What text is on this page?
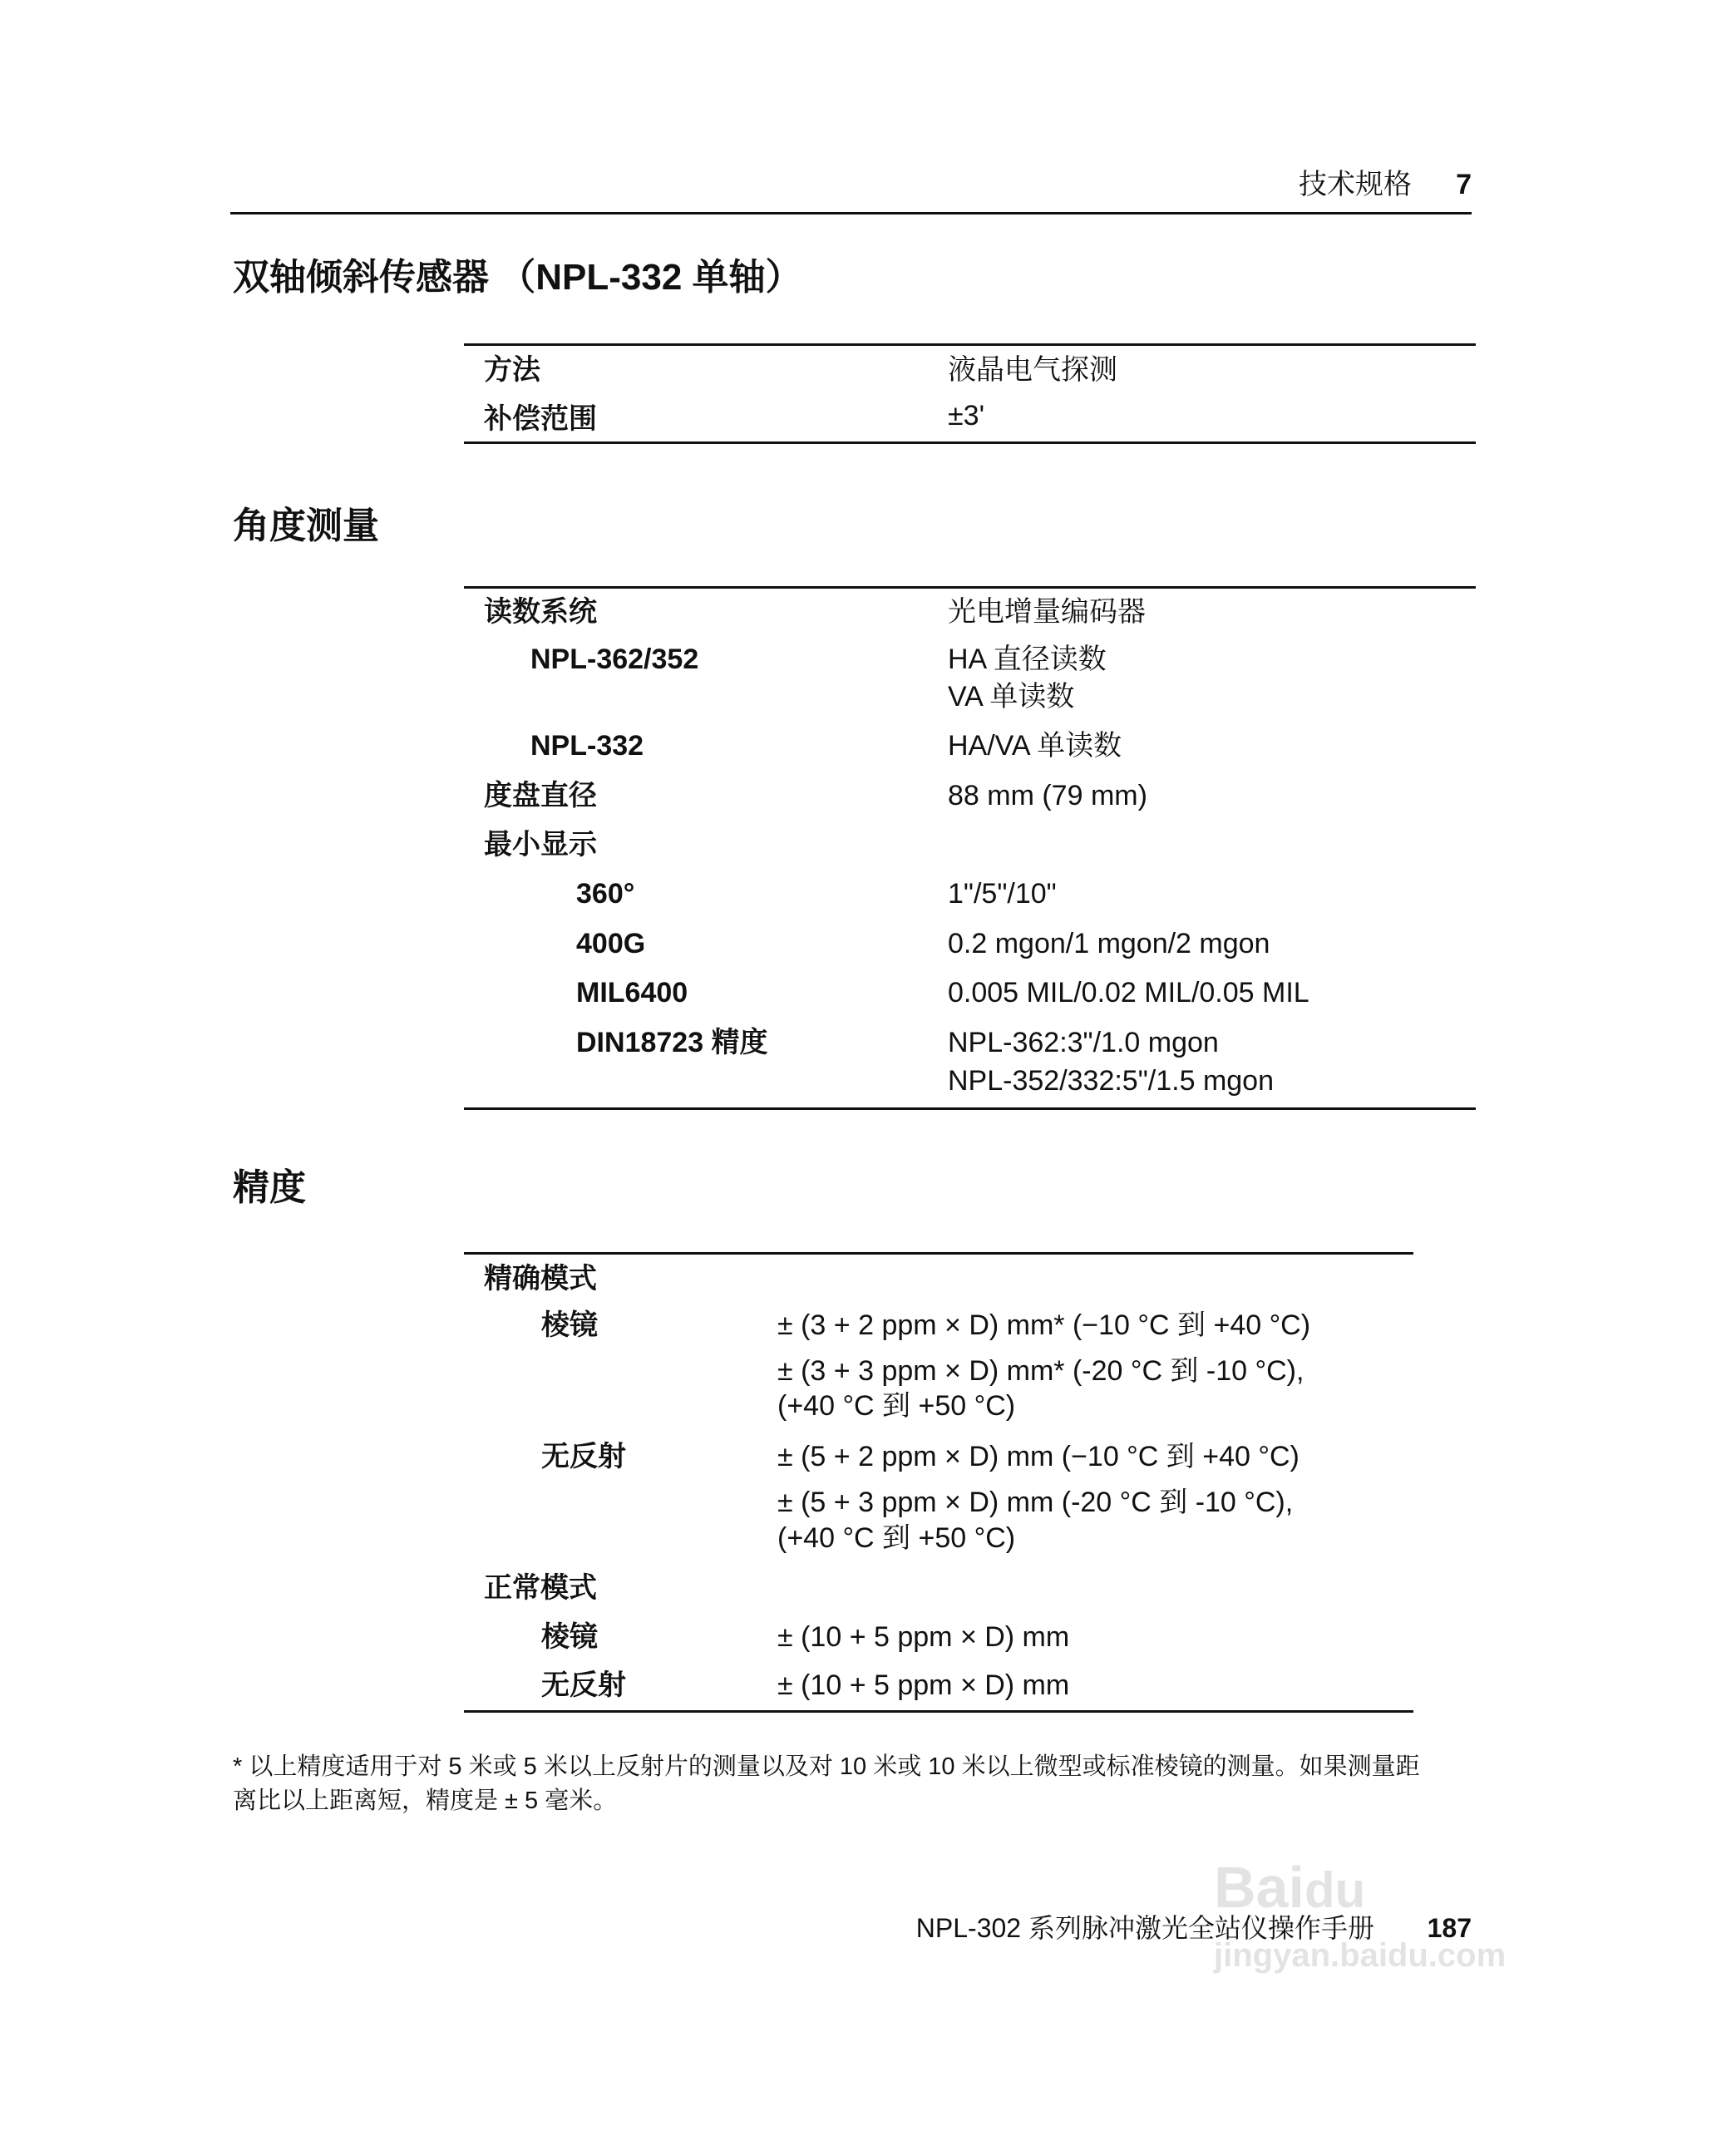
技术规格 7
双轴倾斜传感器 （NPL-332 单轴）
方法	液晶电气探测
补偿范围	±3'
角度测量
读数系统	光电增量编码器
NPL-362/352	HA 直径读数
VA 单读数
NPL-332	HA/VA 单读数
度盘直径	88 mm (79 mm)
最小显示
360°	1"/5"/10"
400G	0.2 mgon/1 mgon/2 mgon
MIL6400	0.005 MIL/0.02 MIL/0.05 MIL
DIN18723 精度	NPL-362:3"/1.0 mgon
NPL-352/332:5"/1.5 mgon
精度
精确模式
棱镜	± (3 + 2 ppm × D) mm* (−10 °C 到 +40 °C)
± (3 + 3 ppm × D) mm* (-20 °C 到 -10 °C),
(+40 °C 到 +50 °C)
无反射	± (5 + 2 ppm × D) mm (−10 °C 到 +40 °C)
± (5 + 3 ppm × D) mm (-20 °C 到 -10 °C),
(+40 °C 到 +50 °C)
正常模式
棱镜	± (10 + 5 ppm × D) mm
无反射	± (10 + 5 ppm × D) mm
* 以上精度适用于对 5 米或 5 米以上反射片的测量以及对 10 米或 10 米以上微型或标准棱镜的测量。如果测量距
离比以上距离短，精度是 ± 5 毫米。
NPL-302 系列脉冲激光全站仪操作手册 187
Baidu
jingyan.baidu.com
